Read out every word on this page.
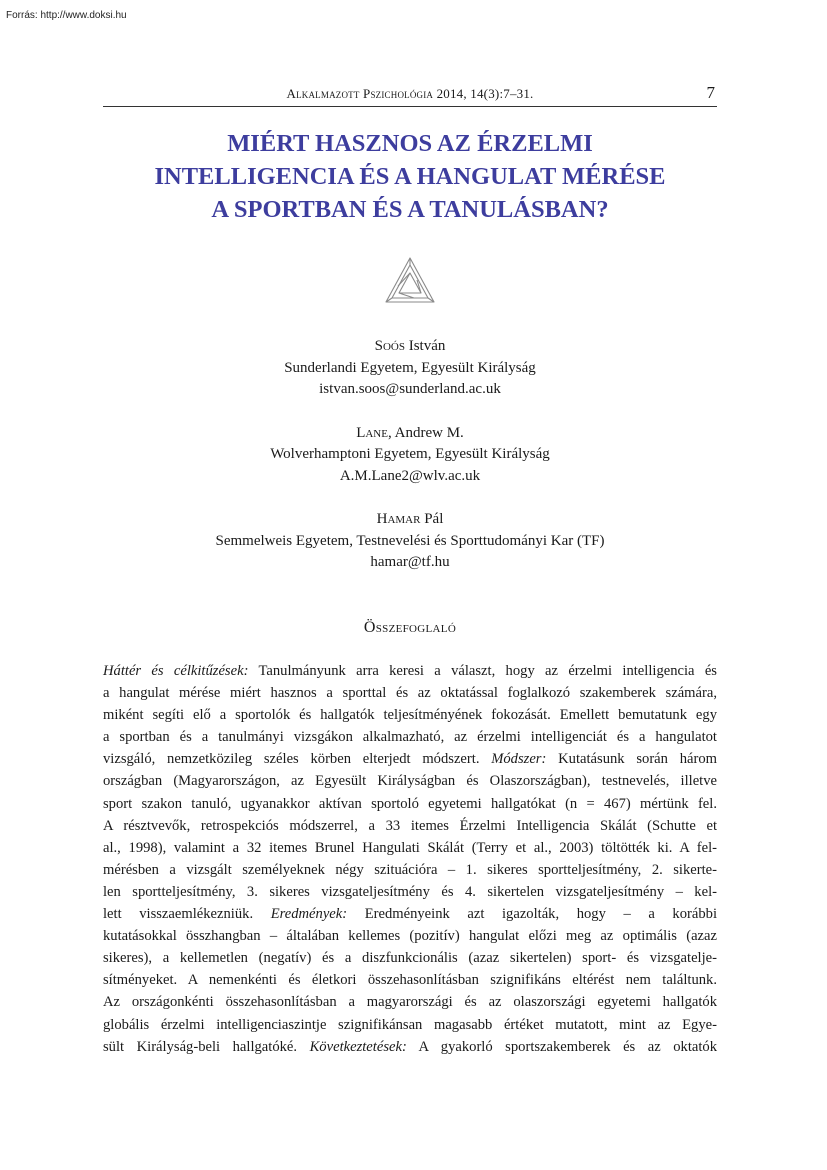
Forrás: http://www.doksi.hu
Alkalmazott Pszichológia 2014, 14(3):7–31.	7
MIÉRT HASZNOS AZ ÉRZELMI
INTELLIGENCIA ÉS A HANGULAT MÉRÉSE
A SPORTBAN ÉS A TANULÁSBAN?
Soós István
Sunderlandi Egyetem, Egyesült Királyság
istvan.soos@sunderland.ac.uk
Lane, Andrew M.
Wolverhamptoni Egyetem, Egyesült Királyság
A.M.Lane2@wlv.ac.uk
Hamar Pál
Semmelweis Egyetem, Testnevelési és Sporttudományi Kar (TF)
hamar@tf.hu
Összefoglaló
Háttér és célkitűzések: Tanulmányunk arra keresi a választ, hogy az érzelmi intelligencia és
a hangulat mérése miért hasznos a sporttal és az oktatással foglalkozó szakemberek számára,
miként segíti elő a sportolók és hallgatók teljesítményének fokozását. Emellett bemutatunk egy
a sportban és a tanulmányi vizsgákon alkalmazható, az érzelmi intelligenciát és a hangulatot
vizsgáló, nemzetközileg széles körben elterjedt módszert. Módszer: Kutatásunk során három
országban (Magyarországon, az Egyesült Királyságban és Olaszországban), testnevelés, illetve
sport szakon tanuló, ugyanakkor aktívan sportoló egyetemi hallgatókat (n = 467) mértünk fel.
A résztvevők, retrospekciós módszerrel, a 33 itemes Érzelmi Intelligencia Skálát (Schutte et
al., 1998), valamint a 32 itemes Brunel Hangulati Skálát (Terry et al., 2003) töltötték ki. A fel-
mérésben a vizsgált személyeknek négy szituációra – 1. sikeres sportteljesítmény, 2. sikerte-
len sportteljesítmény, 3. sikeres vizsgateljesítmény és 4. sikertelen vizsgateljesítmény – kel-
lett visszaemlékezniük. Eredmények: Eredményeink azt igazolták, hogy – a korábbi
kutatásokkal összhangban – általában kellemes (pozitív) hangulat előzi meg az optimális (azaz
sikeres), a kellemetlen (negatív) és a diszfunkcionális (azaz sikertelen) sport- és vizsgatelje-
sítményeket. A nemenkénti és életkori összehasonlításban szignifikáns eltérést nem találtunk.
Az országonkénti összehasonlításban a magyarországi és az olaszországi egyetemi hallgatók
globális érzelmi intelligenciaszintje szignifikánsan magasabb értéket mutatott, mint az Egye-
sült Királyság-beli hallgatóké. Következtetések: A gyakorló sportszakemberek és az oktatók
